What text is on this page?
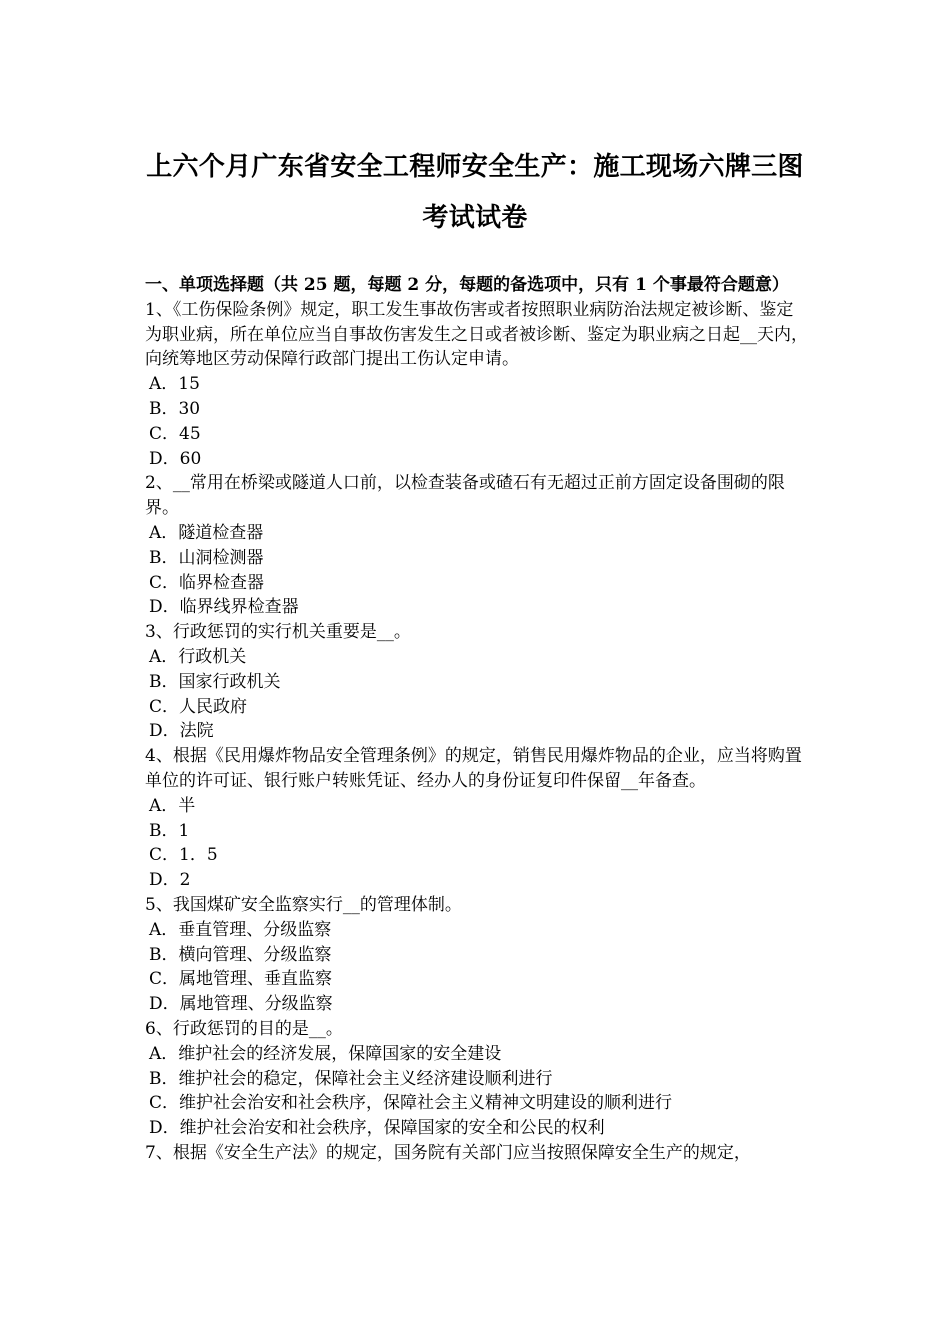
上六个月广东省安全工程师安全生产：施工现场六牌三图
考试试卷
一、单项选择题（共 25 题，每题 2 分，每题的备选项中，只有 1 个事最符合题意）
1、《工伤保险条例》规定，职工发生事故伤害或者按照职业病防治法规定被诊断、鉴定为职业病，所在单位应当自事故伤害发生之日或者被诊断、鉴定为职业病之日起__天内，向统筹地区劳动保障行政部门提出工伤认定申请。
A．15
B．30
C．45
D．60
2、__常用在桥梁或隧道人口前，以检查装备或碴石有无超过正前方固定设备围砌的限界。
A．隧道检查器
B．山洞检测器
C．临界检查器
D．临界线界检查器
3、行政惩罚的实行机关重要是__。
A．行政机关
B．国家行政机关
C．人民政府
D．法院
4、根据《民用爆炸物品安全管理条例》的规定，销售民用爆炸物品的企业，应当将购置单位的许可证、银行账户转账凭证、经办人的身份证复印件保留__年备查。
A．半
B．1
C．1．5
D．2
5、我国煤矿安全监察实行__的管理体制。
A．垂直管理、分级监察
B．横向管理、分级监察
C．属地管理、垂直监察
D．属地管理、分级监察
6、行政惩罚的目的是__。
A．维护社会的经济发展，保障国家的安全建设
B．维护社会的稳定，保障社会主义经济建设顺利进行
C．维护社会治安和社会秩序，保障社会主义精神文明建设的顺利进行
D．维护社会治安和社会秩序，保障国家的安全和公民的权利
7、根据《安全生产法》的规定，国务院有关部门应当按照保障安全生产的规定，
